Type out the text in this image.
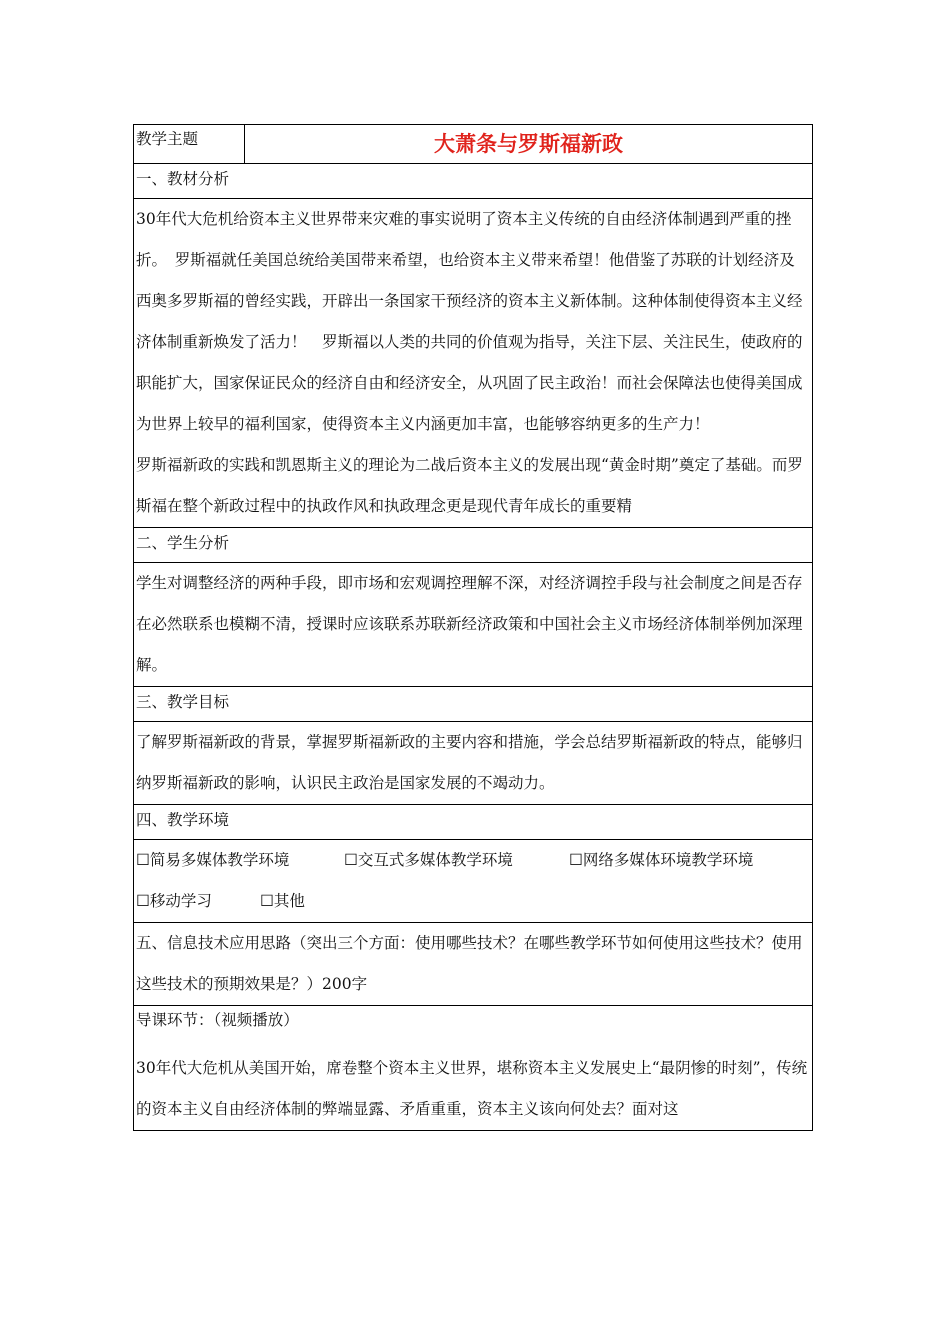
教学主题	大萧条与罗斯福新政
一、教材分析

30年代大危机给资本主义世界带来灾难的事实说明了资本主义传统的自由经济体制遇到严重的挫折。　罗斯福就任美国总统给美国带来希望，也给资本主义带来希望！他借鉴了苏联的计划经济及西奥多罗斯福的曾经实践，开辟出一条国家干预经济的资本主义新体制。这种体制使得资本主义经济体制重新焕发了活力！　罗斯福以人类的共同的价值观为指导，关注下层、关注民生，使政府的职能扩大，国家保证民众的经济自由和经济安全，从巩固了民主政治！而社会保障法也使得美国成为世界上较早的福利国家，使得资本主义内涵更加丰富，也能够容纳更多的生产力！
罗斯福新政的实践和凯恩斯主义的理论为二战后资本主义的发展出现“黄金时期”奠定了基础。而罗斯福在整个新政过程中的执政作风和执政理念更是现代青年成长的重要精

二、学生分析

学生对调整经济的两种手段，即市场和宏观调控理解不深，对经济调控手段与社会制度之间是否存在必然联系也模糊不清，授课时应该联系苏联新经济政策和中国社会主义市场经济体制举例加深理解。

三、教学目标

了解罗斯福新政的背景，掌握罗斯福新政的主要内容和措施，学会总结罗斯福新政的特点，能够归纳罗斯福新政的影响，认识民主政治是国家发展的不竭动力。

四、教学环境
☐简易多媒体教学环境	☐交互式多媒体教学环境	☐网络多媒体环境教学环境
☐移动学习	☐其他
五、信息技术应用思路（突出三个方面：使用哪些技术？在哪些教学环节如何使用这些技术？使用这些技术的预期效果是？）200字

导课环节：（视频播放）
30年代大危机从美国开始，席卷整个资本主义世界，堪称资本主义发展史上“最阴惨的时刻”，传统的资本主义自由经济体制的弊端显露、矛盾重重，资本主义该向何处去？面对这
